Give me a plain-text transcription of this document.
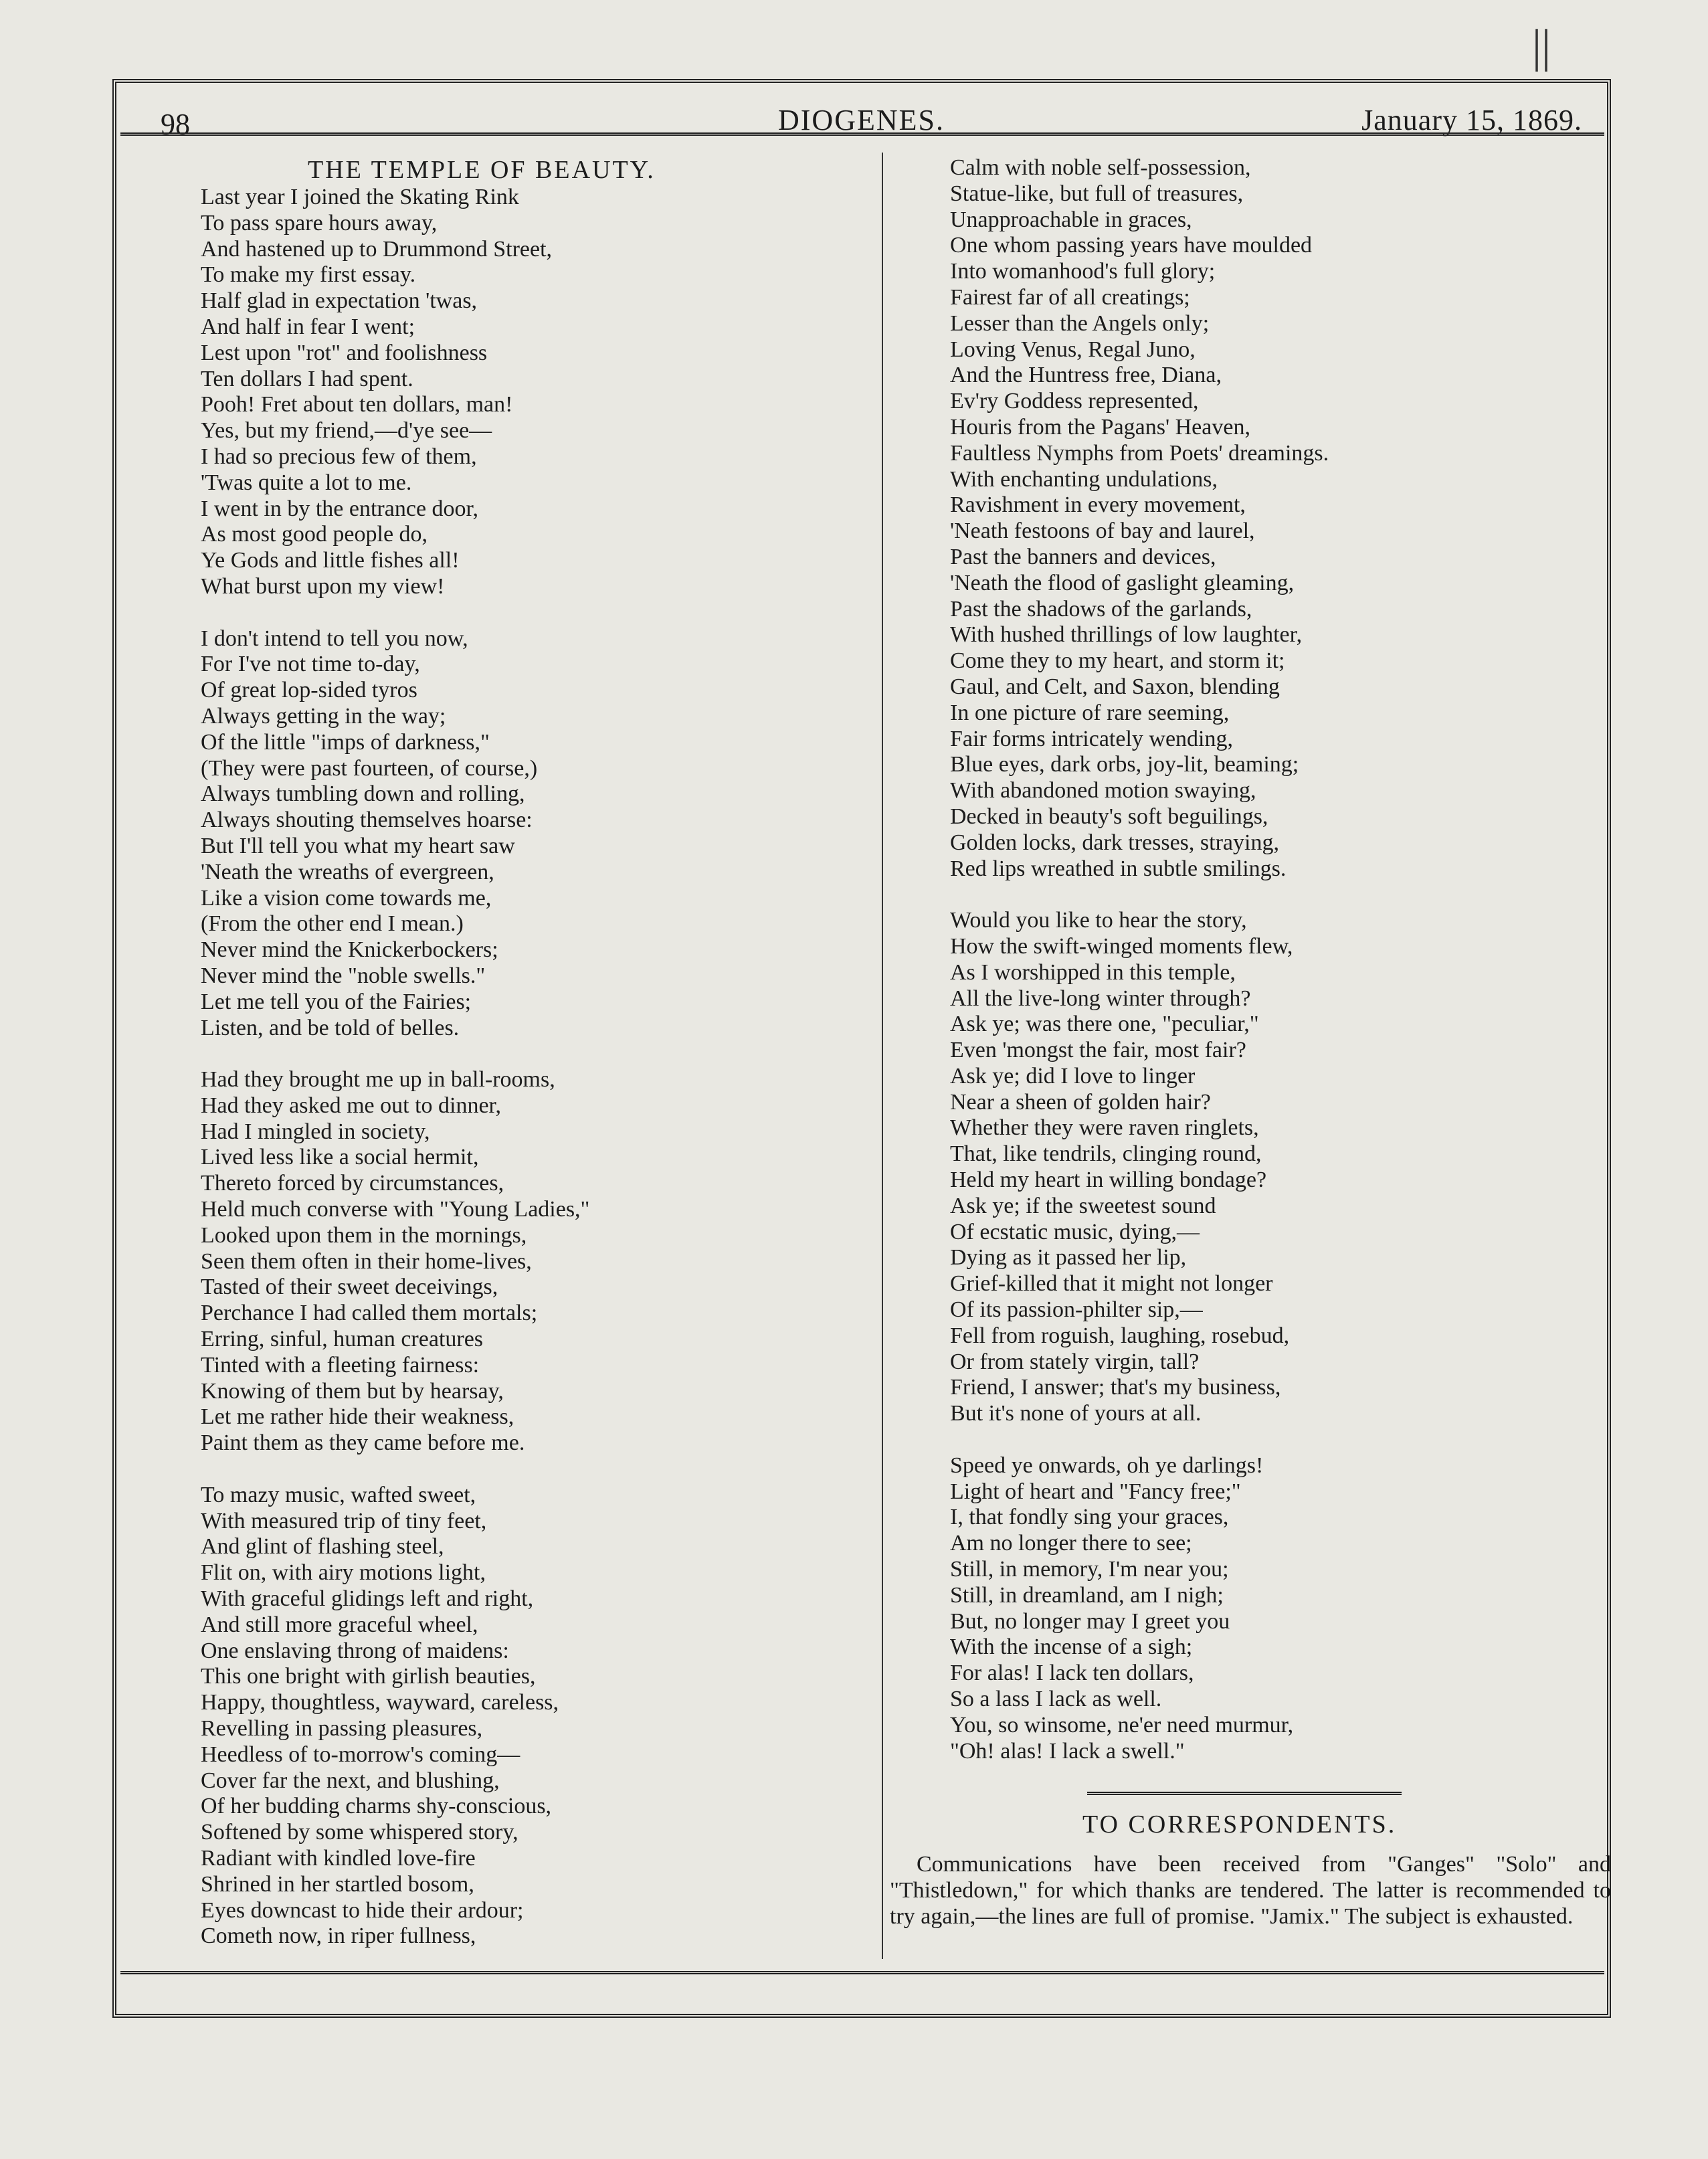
||
98	DIOGENES.	January 15, 1869.
THE TEMPLE OF BEAUTY.
Last year I joined the Skating Rink
To pass spare hours away,
And hastened up to Drummond Street,
To make my first essay.
Half glad in expectation 'twas,
And half in fear I went;
Lest upon "rot" and foolishness
Ten dollars I had spent.
Pooh! Fret about ten dollars, man!
Yes, but my friend,—d'ye see—
I had so precious few of them,
'Twas quite a lot to me.
I went in by the entrance door,
As most good people do,
Ye Gods and little fishes all!
What burst upon my view!
I don't intend to tell you now,
For I've not time to-day,
Of great lop-sided tyros
Always getting in the way;
Of the little "imps of darkness,"
(They were past fourteen, of course,)
Always tumbling down and rolling,
Always shouting themselves hoarse:
But I'll tell you what my heart saw
'Neath the wreaths of evergreen,
Like a vision come towards me,
(From the other end I mean.)
Never mind the Knickerbockers;
Never mind the "noble swells."
Let me tell you of the Fairies;
Listen, and be told of belles.
Had they brought me up in ball-rooms,
Had they asked me out to dinner,
Had I mingled in society,
Lived less like a social hermit,
Thereto forced by circumstances,
Held much converse with "Young Ladies,"
Looked upon them in the mornings,
Seen them often in their home-lives,
Tasted of their sweet deceivings,
Perchance I had called them mortals;
Erring, sinful, human creatures
Tinted with a fleeting fairness:
Knowing of them but by hearsay,
Let me rather hide their weakness,
Paint them as they came before me.
To mazy music, wafted sweet,
With measured trip of tiny feet,
And glint of flashing steel,
Flit on, with airy motions light,
With graceful glidings left and right,
And still more graceful wheel,
One enslaving throng of maidens:
This one bright with girlish beauties,
Happy, thoughtless, wayward, careless,
Revelling in passing pleasures,
Heedless of to-morrow's coming—
Cover far the next, and blushing,
Of her budding charms shy-conscious,
Softened by some whispered story,
Radiant with kindled love-fire
Shrined in her startled bosom,
Eyes downcast to hide their ardour;
Cometh now, in riper fullness,
Calm with noble self-possession,
Statue-like, but full of treasures,
Unapproachable in graces,
One whom passing years have moulded
Into womanhood's full glory;
Fairest far of all creatings;
Lesser than the Angels only;
Loving Venus, Regal Juno,
And the Huntress free, Diana,
Ev'ry Goddess represented,
Houris from the Pagans' Heaven,
Faultless Nymphs from Poets' dreamings.
With enchanting undulations,
Ravishment in every movement,
'Neath festoons of bay and laurel,
Past the banners and devices,
'Neath the flood of gaslight gleaming,
Past the shadows of the garlands,
With hushed thrillings of low laughter,
Come they to my heart, and storm it;
Gaul, and Celt, and Saxon, blending
In one picture of rare seeming,
Fair forms intricately wending,
Blue eyes, dark orbs, joy-lit, beaming;
With abandoned motion swaying,
Decked in beauty's soft beguilings,
Golden locks, dark tresses, straying,
Red lips wreathed in subtle smilings.
Would you like to hear the story,
How the swift-winged moments flew,
As I worshipped in this temple,
All the live-long winter through?
Ask ye; was there one, "peculiar,"
Even 'mongst the fair, most fair?
Ask ye; did I love to linger
Near a sheen of golden hair?
Whether they were raven ringlets,
That, like tendrils, clinging round,
Held my heart in willing bondage?
Ask ye; if the sweetest sound
Of ecstatic music, dying,—
Dying as it passed her lip,
Grief-killed that it might not longer
Of its passion-philter sip,—
Fell from roguish, laughing, rosebud,
Or from stately virgin, tall?
Friend, I answer; that's my business,
But it's none of yours at all.
Speed ye onwards, oh ye darlings!
Light of heart and "Fancy free;"
I, that fondly sing your graces,
Am no longer there to see;
Still, in memory, I'm near you;
Still, in dreamland, am I nigh;
But, no longer may I greet you
With the incense of a sigh;
For alas! I lack ten dollars,
So a lass I lack as well.
You, so winsome, ne'er need murmur,
"Oh! alas! I lack a swell."
TO CORRESPONDENTS.
Communications have been received from "Ganges" "Solo" and "Thistledown," for which thanks are tendered. The latter is recommended to try again,—the lines are full of promise. "Jamix." The subject is exhausted.
